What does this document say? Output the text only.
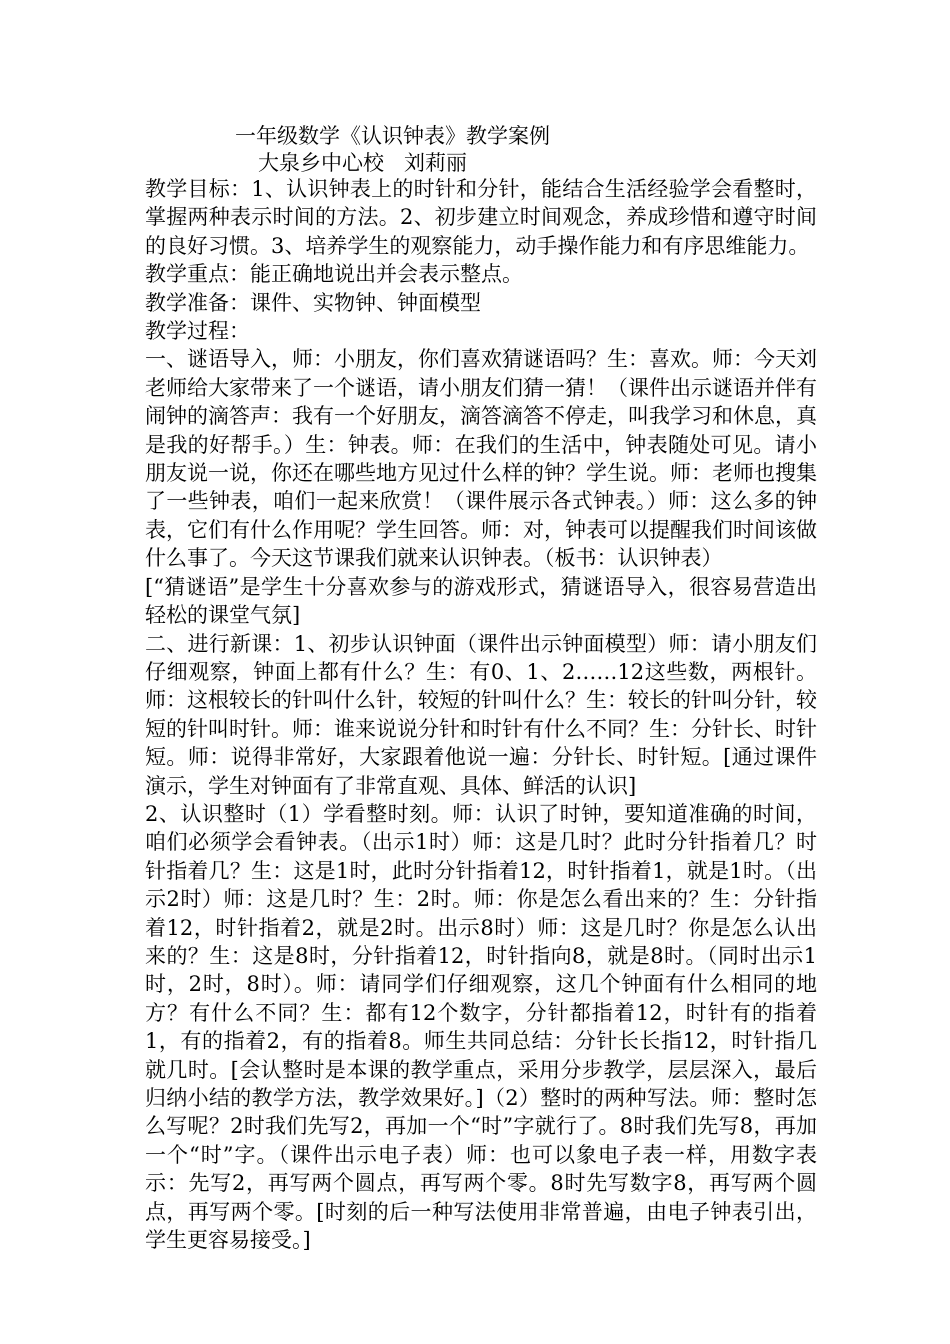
一年级数学《认识钟表》教学案例
大泉乡中心校   刘莉丽

教学目标：1、认识钟表上的时针和分针，能结合生活经验学会看整时，掌握两种表示时间的方法。2、初步建立时间观念，养成珍惜和遵守时间的良好习惯。3、培养学生的观察能力，动手操作能力和有序思维能力。

教学重点：能正确地说出并会表示整点。

教学准备：课件、实物钟、钟面模型

教学过程：

一、谜语导入，师：小朋友，你们喜欢猜谜语吗？生：喜欢。师：今天刘老师给大家带来了一个谜语，请小朋友们猜一猜！（课件出示谜语并伴有闹钟的滴答声：我有一个好朋友，滴答滴答不停走，叫我学习和休息，真是我的好帮手。）生：钟表。师：在我们的生活中，钟表随处可见。请小朋友说一说，你还在哪些地方见过什么样的钟？学生说。师：老师也搜集了一些钟表，咱们一起来欣赏！（课件展示各式钟表。）师：这么多的钟表，它们有什么作用呢？学生回答。师：对，钟表可以提醒我们时间该做什么事了。今天这节课我们就来认识钟表。（板书：认识钟表）

[“猜谜语”是学生十分喜欢参与的游戏形式，猜谜语导入，很容易营造出轻松的课堂气氛]

二、进行新课：1、初步认识钟面（课件出示钟面模型）师：请小朋友们仔细观察，钟面上都有什么？生：有0、1、2……12这些数，两根针。师：这根较长的针叫什么针，较短的针叫什么？生：较长的针叫分针，较短的针叫时针。师：谁来说说分针和时针有什么不同？生：分针长、时针短。师：说得非常好，大家跟着他说一遍：分针长、时针短。[通过课件演示，学生对钟面有了非常直观、具体、鲜活的认识]

2、认识整时（1）学看整时刻。师：认识了时钟，要知道准确的时间，咱们必须学会看钟表。（出示1时）师：这是几时？此时分针指着几？时针指着几？生：这是1时，此时分针指着12，时针指着1，就是1时。（出示2时）师：这是几时？生：2时。师：你是怎么看出来的？生：分针指着12，时针指着2，就是2时。出示8时）师：这是几时？你是怎么认出来的？生：这是8时，分针指着12，时针指向8，就是8时。（同时出示1时，2时，8时）。师：请同学们仔细观察，这几个钟面有什么相同的地方？有什么不同？生：都有12个数字，分针都指着12，时针有的指着1，有的指着2，有的指着8。师生共同总结：分针长长指12，时针指几就几时。[会认整时是本课的教学重点，采用分步教学，层层深入，最后归纳小结的教学方法，教学效果好。]（2）整时的两种写法。师：整时怎么写呢？2时我们先写2，再加一个“时”字就行了。8时我们先写8，再加一个“时”字。（课件出示电子表）师：也可以象电子表一样，用数字表示：先写2，再写两个圆点，再写两个零。8时先写数字8，再写两个圆点，再写两个零。[时刻的后一种写法使用非常普遍，由电子钟表引出，学生更容易接受。]
